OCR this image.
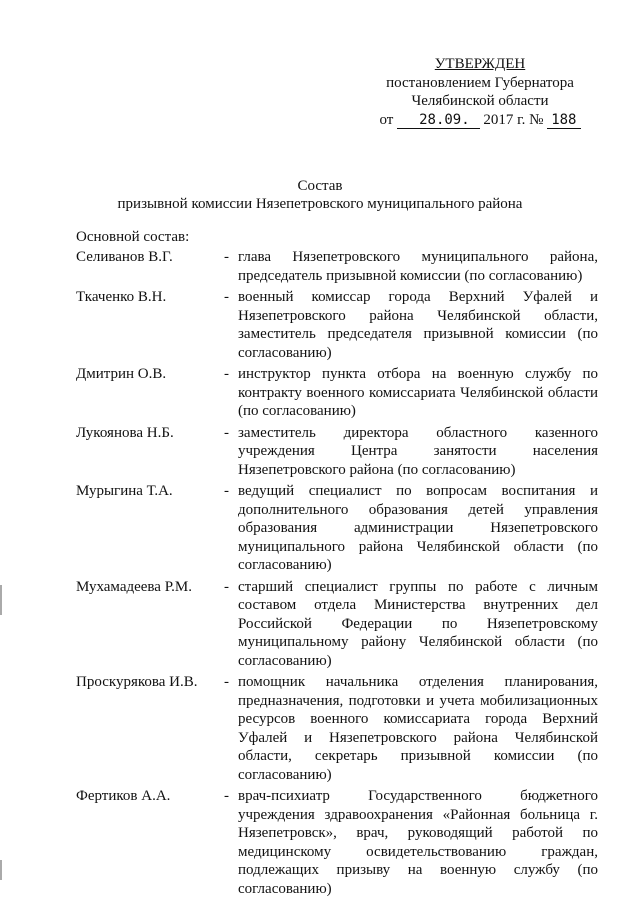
УТВЕРЖДЕН
постановлением Губернатора
Челябинской области
от 28.09. 2017 г. № 188
Состав
призывной комиссии Нязепетровского муниципального района
Основной состав:
Селиванов В.Г.	- глава Нязепетровского муниципального района, председатель призывной комиссии (по согласованию)
Ткаченко В.Н.	- военный комиссар города Верхний Уфалей и Нязепетровского района Челябинской области, заместитель председателя призывной комиссии (по согласованию)
Дмитрин О.В.	- инструктор пункта отбора на военную службу по контракту военного комиссариата Челябинской области (по согласованию)
Лукоянова Н.Б.	- заместитель директора областного казенного учреждения Центра занятости населения Нязепетровского района (по согласованию)
Мурыгина Т.А.	- ведущий специалист по вопросам воспитания и дополнительного образования детей управления образования администрации Нязепетровского муниципального района Челябинской области (по согласованию)
Мухамадеева Р.М.	- старший специалист группы по работе с личным составом отдела Министерства внутренних дел Российской Федерации по Нязепетровскому муниципальному району Челябинской области (по согласованию)
Проскурякова И.В.	- помощник начальника отделения планирования, предназначения, подготовки и учета мобилизационных ресурсов военного комиссариата города Верхний Уфалей и Нязепетровского района Челябинской области, секретарь призывной комиссии (по согласованию)
Фертиков А.А.	- врач-психиатр Государственного бюджетного учреждения здравоохранения «Районная больница г. Нязепетровск», врач, руководящий работой по медицинскому освидетельствованию граждан, подлежащих призыву на военную службу (по согласованию)
